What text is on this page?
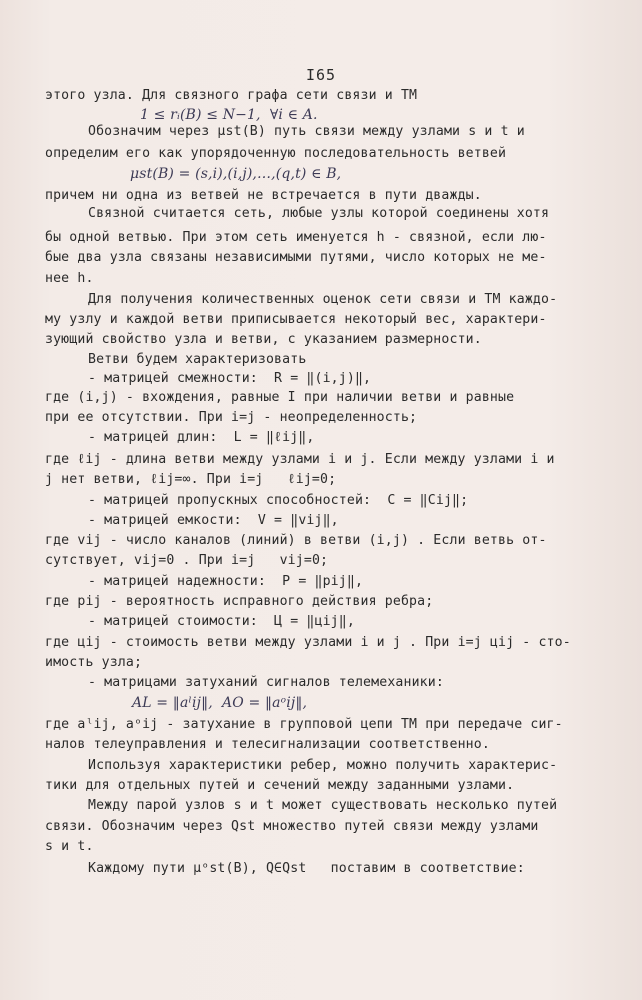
I65
этого узла. Для связного графа сети связи и ТМ
1 ≤ rᵢ(B) ≤ N−1,  ∀i ∈ A.
Обозначим через μst(B) путь связи между узлами s и t и
определим его как упорядоченную последовательность ветвей
μst(B) = (s,i),(i,j),…,(q,t) ∈ B,
причем ни одна из ветвей не встречается в пути дважды.
Связной считается сеть, любые узлы которой соединены хотя
бы одной ветвью. При этом сеть именуется h - связной, если лю-
бые два узла связаны независимыми путями, число которых не ме-
нее h.
Для получения количественных оценок сети связи и ТМ каждо-
му узлу и каждой ветви приписывается некоторый вес, характери-
зующий свойство узла и ветви, с указанием размерности.
Ветви будем характеризовать
- матрицей смежности:  R = ‖(i,j)‖,
где (i,j) - вхождения, равные I при наличии ветви и равные
при ее отсутствии. При i=j - неопределенность;
- матрицей длин:  L = ‖ℓij‖,
где ℓij - длина ветви между узлами i и j. Если между узлами i и
j нет ветви, ℓij=∞. При i=j   ℓij=0;
- матрицей пропускных способностей:  C = ‖Cij‖;
- матрицей емкости:  V = ‖vij‖,
где vij - число каналов (линий) в ветви (i,j) . Если ветвь от-
сутствует, vij=0 . При i=j   vij=0;
- матрицей надежности:  P = ‖pij‖,
где pij - вероятность исправного действия ребра;
- матрицей стоимости:  Ц = ‖цij‖,
где цij - стоимость ветви между узлами i и j . При i=j цij - сто-
имость узла;
- матрицами затуханий сигналов телемеханики:
AL = ‖aˡij‖,  AO = ‖aᵒij‖,
где aˡij, aᵒij - затухание в групповой цепи ТМ при передаче сиг-
налов телеуправления и телесигнализации соответственно.
Используя характеристики ребер, можно получить характерис-
тики для отдельных путей и сечений между заданными узлами.
Между парой узлов s и t может существовать несколько путей
связи. Обозначим через Qst множество путей связи между узлами
s и t.
Каждому пути μᵒst(B), Q∈Qst   поставим в соответствие:
